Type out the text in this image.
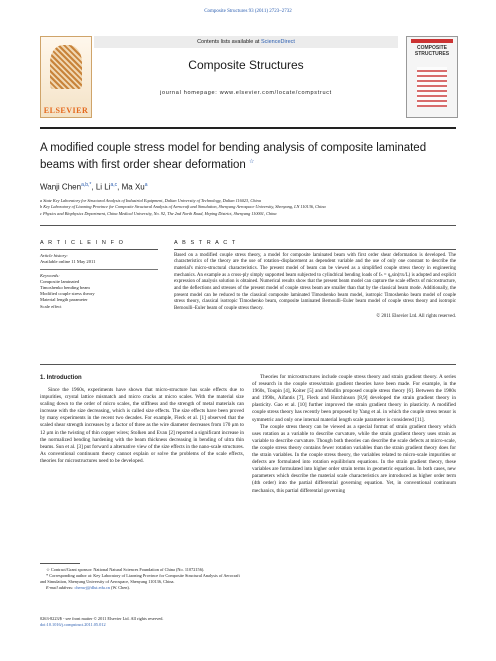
Composite Structures 93 (2011) 2723–2732
ELSEVIER
Contents lists available at ScienceDirect
Composite Structures
journal homepage: www.elsevier.com/locate/compstruct
COMPOSITE STRUCTURES
A modified couple stress model for bending analysis of composite laminated beams with first order shear deformation ☆
Wanji Chen$^{a,b,*}$, Li Li$^{a,c}$, Ma Xu$^a$
a State Key Laboratory for Structural Analysis of Industrial Equipment, Dalian University of Technology, Dalian 116023, China
b Key Laboratory of Liaoning Province for Composite Structural Analysis of Aerocraft and Simulation, Shenyang Aerospace University, Shenyang, LN 110136, China
c Physics and Biophysics Department, China Medical University, No. 92, The 2nd North Road, Heping District, Shenyang 110001, China
A R T I C L E I N F O
Article history:
Available online 11 May 2011
Keywords:
Composite laminated
Timoshenko bending beam
Modified couple stress theory
Material length parameter
Scale effect
A B S T R A C T
Based on a modified couple stress theory, a model for composite laminated beam with first order shear deformation is developed. The characteristics of the theory are the use of rotation–displacement as dependent variable and the use of only one constant to describe the material's micro-structural characteristics. The present model of beam can be viewed as a simplified couple stress theory in engineering mechanics. An example as a cross-ply simply supported beam subjected to cylindrical bending loads of fₙ = q₀sin(πx/L) is adopted and explicit expression of analysis solution is obtained. Numerical results show that the present beam model can capture the scale effects of microstructure, and the deflections and stresses of the present model of couple stress beam are smaller than that by the classical beam mode. Additionally, the present model can be reduced to the classical composite laminated Timoshenko beam model, isotropic Timoshenko beam model of couple stress theory, classical isotropic Timoshenko beam, composite laminated Bernoulli–Euler beam model of couple stress theory and isotropic Bernoulli–Euler beam of couple stress theory.
© 2011 Elsevier Ltd. All rights reserved.
1. Introduction

Since the 1960s, experiments have shown that micro-structure has scale effects due to impurities, crystal lattice mismatch and micro cracks at micro scales. With the material size scaling down to the order of micro scales, the stiffness and the strength of metal materials can increase with the size decreasing, which is called size effects. The size effects have been proved by many experiments in the recent two decades. For example, Fleck et al. [1] observed that the scaled shear strength increases by a factor of three as the wire diameter decreases from 170 μm to 12 μm in the twisting of thin copper wires; Stolken and Evan [2] reported a significant increase in the normalized bending hardening with the beam thickness decreasing in bending of ultra thin beams. Sun et al. [3] put forward a alternative view of the size effects in the nano-scale structures. As conventional continuum theory cannot explain or solve the problems of the scale effects, theories for microstructures need to be developed.

Theories for microstructures include couple stress theory and strain gradient theory. A series of research in the couple stress/strain gradient theories have been made. For example, in the 1960s, Toupin [4], Koiter [5] and Mindlin proposed couple stress theory [6]. Between the 1980s and 1990s, Aifantis [7], Fleck and Hutchinson [8,9] developed the strain gradient theory in plasticity. Gao et al. [10] further improved the strain gradient theory in plasticity. A modified couple stress theory has recently been proposed by Yang et al. in which the couple stress tensor is symmetric and only one internal material length scale parameter is considered [11].

The couple stress theory can be viewed as a special format of strain gradient theory which uses rotation as a variable to describe curvature, while the strain gradient theory uses strain as variable to describe curvature. Though both theories can describe the scale defects at micro-scale, the couple stress theory contains fewer rotation variables than the strain gradient theory does for the strain variables. In the couple stress theory, the variables related to micro-scale impurities or defects are formulated into rotation equilibrium equations. In the strain gradient theory, these variables are formulated into higher order strain terms in geometric equations. In both cases, new parameters which describe the material scale characteristics are introduced as higher order term (4th order) into the partial differential governing equation. Yet, in conventional continuum mechanics, this partial differential governing

☆ Contract/Grant sponsor: National Natural Sciences Foundation of China (No. 11072156).
* Corresponding author at: Key Laboratory of Liaoning Province for Composite Structural Analysis of Aerocraft and Simulation, Shenyang University of Aerospace, Shenyang 110136, China.
E-mail address: chenwj@dlut.edu.cn (W. Chen).
0263-8223/$ - see front matter © 2011 Elsevier Ltd. All rights reserved.
doi:10.1016/j.compstruct.2011.05.012
